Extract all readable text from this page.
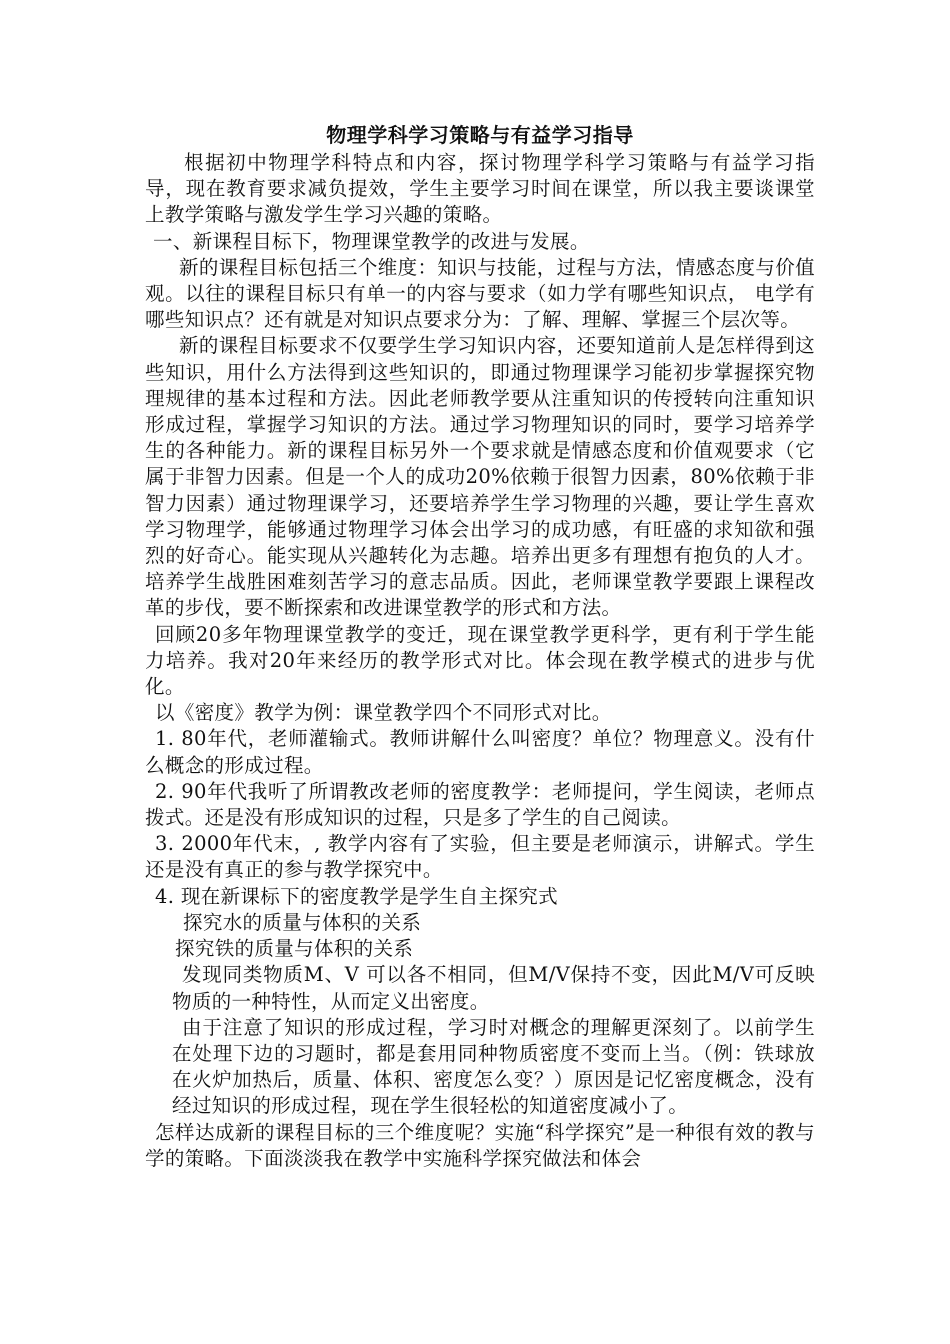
物理学科学习策略与有益学习指导

根据初中物理学科特点和内容，探讨物理学科学习策略与有益学习指导，现在教育要求减负提效，学生主要学习时间在课堂，所以我主要谈课堂上教学策略与激发学生学习兴趣的策略。

一、新课程目标下，物理课堂教学的改进与发展。

新的课程目标包括三个维度：知识与技能，过程与方法，情感态度与价值观。以往的课程目标只有单一的内容与要求（如力学有哪些知识点， 电学有哪些知识点？还有就是对知识点要求分为：了解、理解、掌握三个层次等。

新的课程目标要求不仅要学生学习知识内容，还要知道前人是怎样得到这些知识，用什么方法得到这些知识的，即通过物理课学习能初步掌握探究物理规律的基本过程和方法。因此老师教学要从注重知识的传授转向注重知识形成过程，掌握学习知识的方法。通过学习物理知识的同时，要学习培养学生的各种能力。新的课程目标另外一个要求就是情感态度和价值观要求（它属于非智力因素。但是一个人的成功20%依赖于很智力因素，80%依赖于非智力因素）通过物理课学习，还要培养学生学习物理的兴趣，要让学生喜欢学习物理学，能够通过物理学习体会出学习的成功感，有旺盛的求知欲和强烈的好奇心。能实现从兴趣转化为志趣。培养出更多有理想有抱负的人才。培养学生战胜困难刻苦学习的意志品质。因此，老师课堂教学要跟上课程改革的步伐，要不断探索和改进课堂教学的形式和方法。

回顾20多年物理课堂教学的变迁，现在课堂教学更科学，更有利于学生能力培养。我对20年来经历的教学形式对比。体会现在教学模式的进步与优化。

以《密度》教学为例：课堂教学四个不同形式对比。

1. 80年代，老师灌输式。教师讲解什么叫密度？单位？物理意义。没有什么概念的形成过程。

2. 90年代我听了所谓教改老师的密度教学：老师提问，学生阅读，老师点拨式。还是没有形成知识的过程，只是多了学生的自己阅读。

3. 2000年代末，, 教学内容有了实验，但主要是老师演示，讲解式。学生还是没有真正的参与教学探究中。

4. 现在新课标下的密度教学是学生自主探究式

探究水的质量与体积的关系

探究铁的质量与体积的关系

发现同类物质M、V 可以各不相同，但M/V保持不变，因此M/V可反映物质的一种特性，从而定义出密度。

由于注意了知识的形成过程，学习时对概念的理解更深刻了。以前学生在处理下边的习题时，都是套用同种物质密度不变而上当。（例：铁球放在火炉加热后，质量、体积、密度怎么变？）原因是记忆密度概念，没有经过知识的形成过程，现在学生很轻松的知道密度减小了。

怎样达成新的课程目标的三个维度呢？实施“科学探究”是一种很有效的教与学的策略。下面淡淡我在教学中实施科学探究做法和体会
